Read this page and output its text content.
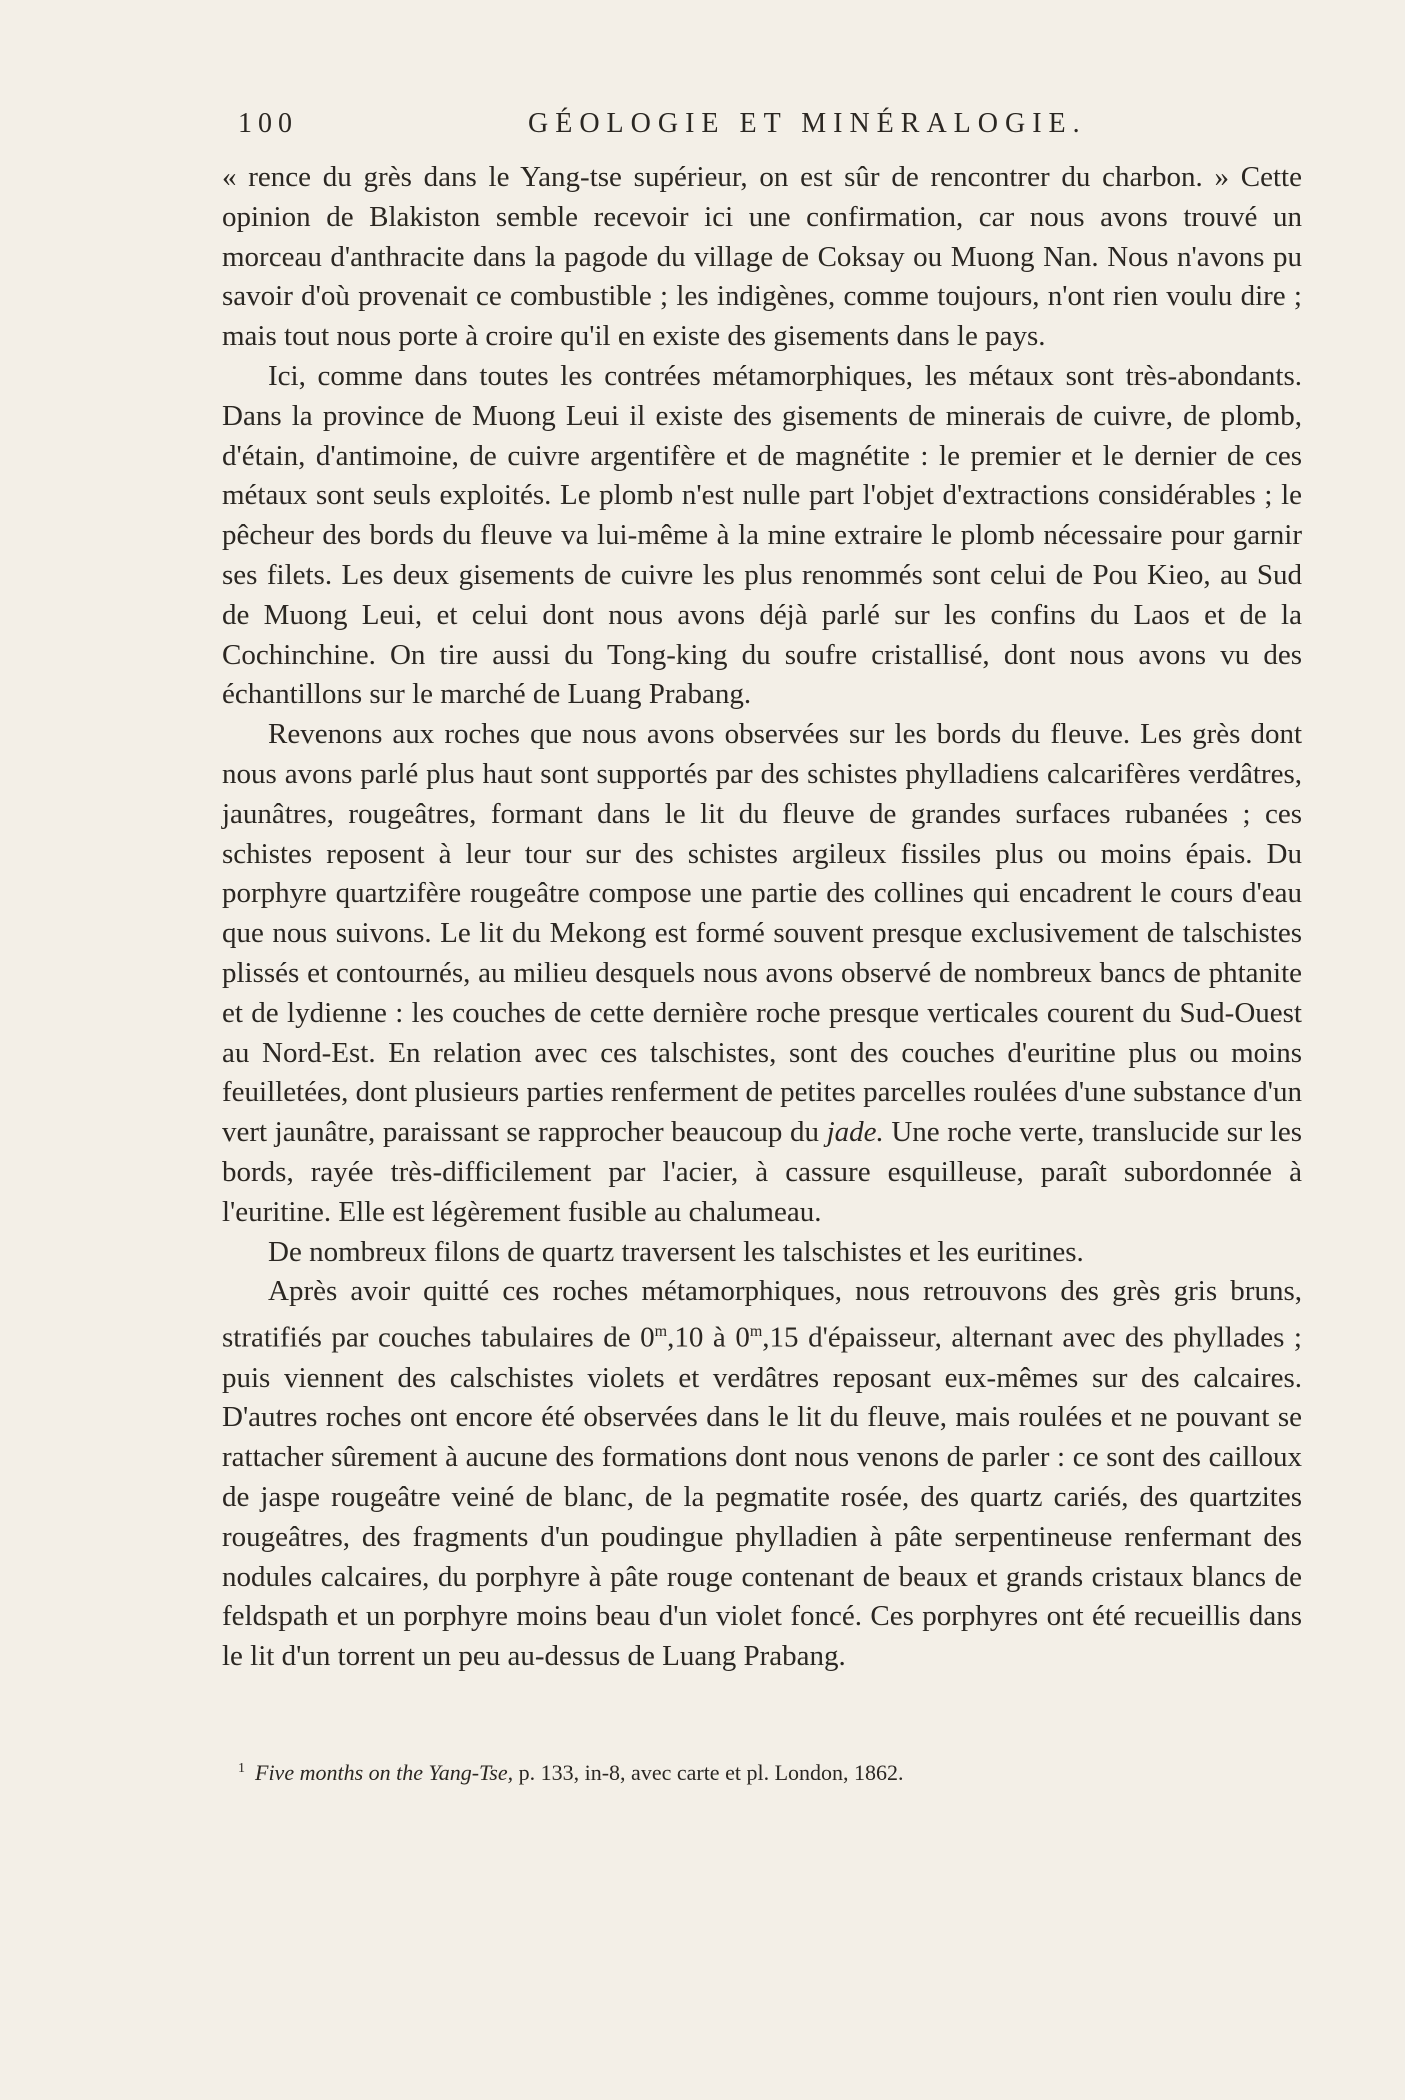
100	GÉOLOGIE ET MINÉRALOGIE.

« rence du grès dans le Yang-tse supérieur, on est sûr de rencontrer du charbon. » Cette opinion de Blakiston semble recevoir ici une confirmation, car nous avons trouvé un morceau d'anthracite dans la pagode du village de Coksay ou Muong Nan. Nous n'avons pu savoir d'où provenait ce combustible ; les indigènes, comme toujours, n'ont rien voulu dire ; mais tout nous porte à croire qu'il en existe des gisements dans le pays.

Ici, comme dans toutes les contrées métamorphiques, les métaux sont très-abondants. Dans la province de Muong Leui il existe des gisements de minerais de cuivre, de plomb, d'étain, d'antimoine, de cuivre argentifère et de magnétite : le premier et le dernier de ces métaux sont seuls exploités. Le plomb n'est nulle part l'objet d'extractions considérables ; le pêcheur des bords du fleuve va lui-même à la mine extraire le plomb nécessaire pour garnir ses filets. Les deux gisements de cuivre les plus renommés sont celui de Pou Kieo, au Sud de Muong Leui, et celui dont nous avons déjà parlé sur les confins du Laos et de la Cochinchine. On tire aussi du Tong-king du soufre cristallisé, dont nous avons vu des échantillons sur le marché de Luang Prabang.

Revenons aux roches que nous avons observées sur les bords du fleuve. Les grès dont nous avons parlé plus haut sont supportés par des schistes phylladiens calcarifères verdâtres, jaunâtres, rougeâtres, formant dans le lit du fleuve de grandes surfaces rubanées ; ces schistes reposent à leur tour sur des schistes argileux fissiles plus ou moins épais. Du porphyre quartzifère rougeâtre compose une partie des collines qui encadrent le cours d'eau que nous suivons. Le lit du Mekong est formé souvent presque exclusivement de talschistes plissés et contournés, au milieu desquels nous avons observé de nombreux bancs de phtanite et de lydienne : les couches de cette dernière roche presque verticales courent du Sud-Ouest au Nord-Est. En relation avec ces talschistes, sont des couches d'euritine plus ou moins feuilletées, dont plusieurs parties renferment de petites parcelles roulées d'une substance d'un vert jaunâtre, paraissant se rapprocher beaucoup du jade. Une roche verte, translucide sur les bords, rayée très-difficilement par l'acier, à cassure esquilleuse, paraît subordonnée à l'euritine. Elle est légèrement fusible au chalumeau.

De nombreux filons de quartz traversent les talschistes et les euritines.

Après avoir quitté ces roches métamorphiques, nous retrouvons des grès gris bruns, stratifiés par couches tabulaires de 0$^m$,10 à 0$^m$,15 d'épaisseur, alternant avec des phyllades ; puis viennent des calschistes violets et verdâtres reposant eux-mêmes sur des calcaires. D'autres roches ont encore été observées dans le lit du fleuve, mais roulées et ne pouvant se rattacher sûrement à aucune des formations dont nous venons de parler : ce sont des cailloux de jaspe rougeâtre veiné de blanc, de la pegmatite rosée, des quartz cariés, des quartzites rougeâtres, des fragments d'un poudingue phylladien à pâte serpentineuse renfermant des nodules calcaires, du porphyre à pâte rouge contenant de beaux et grands cristaux blancs de feldspath et un porphyre moins beau d'un violet foncé. Ces porphyres ont été recueillis dans le lit d'un torrent un peu au-dessus de Luang Prabang.

$^1$ Five months on the Yang-Tse, p. 133, in-8, avec carte et pl. London, 1862.
